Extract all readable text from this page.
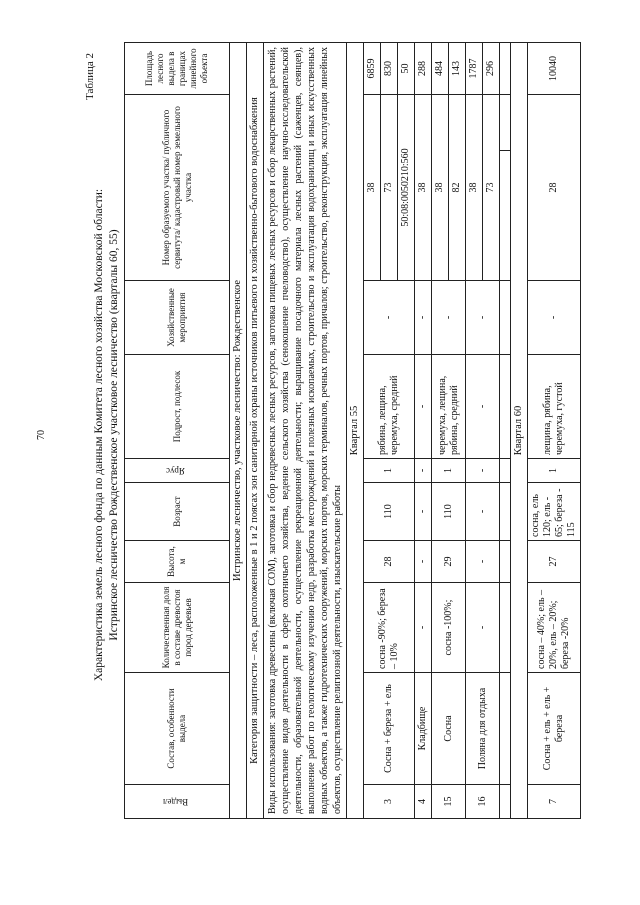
70
Таблица 2
Характеристика земель лесного фонда по данным Комитета лесного хозяйства Московской области: Истринское лесничество Рождественское участковое лесничество (кварталы 60, 55)
Выдел	Состав, особенности выдела	Количественная доля в составе древостоя пород деревьев	Высота, м	Возраст	Ярус	Подрост, подлесок	Хозяйственные мероприятия	Номер образуемого участка/ публичного сервитута/ кадастровый номер земельного участка		Площадь лесного выдела в границах линейного объекта
Истринское лесничество, участковое лесничество: Рождественское										
Категория защитности – леса, расположенные в 1 и 2 поясах зон санитарной охраны источников питьевого и хозяйственно-бытового водоснабжения										
Виды использования: заготовка древесины (включая СОМ), заготовка и сбор недревесных лесных ресурсов, заготовка пищевых лесных ресурсов и сбор лекарственных растений, осуществление видов деятельности в сфере охотничьего хозяйства, ведение сельского хозяйства (сенокошение пчеловодство), осуществление научно-исследовательской деятельности, образовательной деятельности, осуществление рекреационной деятельности; выращивание посадочного материала лесных растений (саженцев, сеянцев), выполнение работ по геологическому изучению недр, разработка месторождений и полезных ископаемых, строительство и эксплуатация водохранилищ и иных искусственных водных объектов, а также гидротехнических сооружений, морских портов, морских терминалов, речных портов, причалов; строительство, реконструкция, эксплуатация линейных объектов, осуществление религиозной деятельности, изыскательские работы										
Квартал 55										
3	Сосна + береза + ель	сосна -90%; береза – 10%	28	110	1	рябина, лещина, черемуха, средний	-	38		6859
								73		830
								50:08:0050210:560		50
4	Кладбище	-	-	-	-	-	-	38		288
15	Сосна	сосна -100%;	29	110	1	черемуха, лещина, рябина, средний	-	38		484
								82		143
16	Поляна для отдыха	-	-	-	-	-	-	38		1787
								73		296

Квартал 60										
7	Сосна + ель + ель + береза	сосна – 40%; ель – 20%, ель – 20%; береза -20%	27	сосна, ель 120; ель - 65; береза - 115	1	лещина, рябина, черемуха, густой	-	28		10040
